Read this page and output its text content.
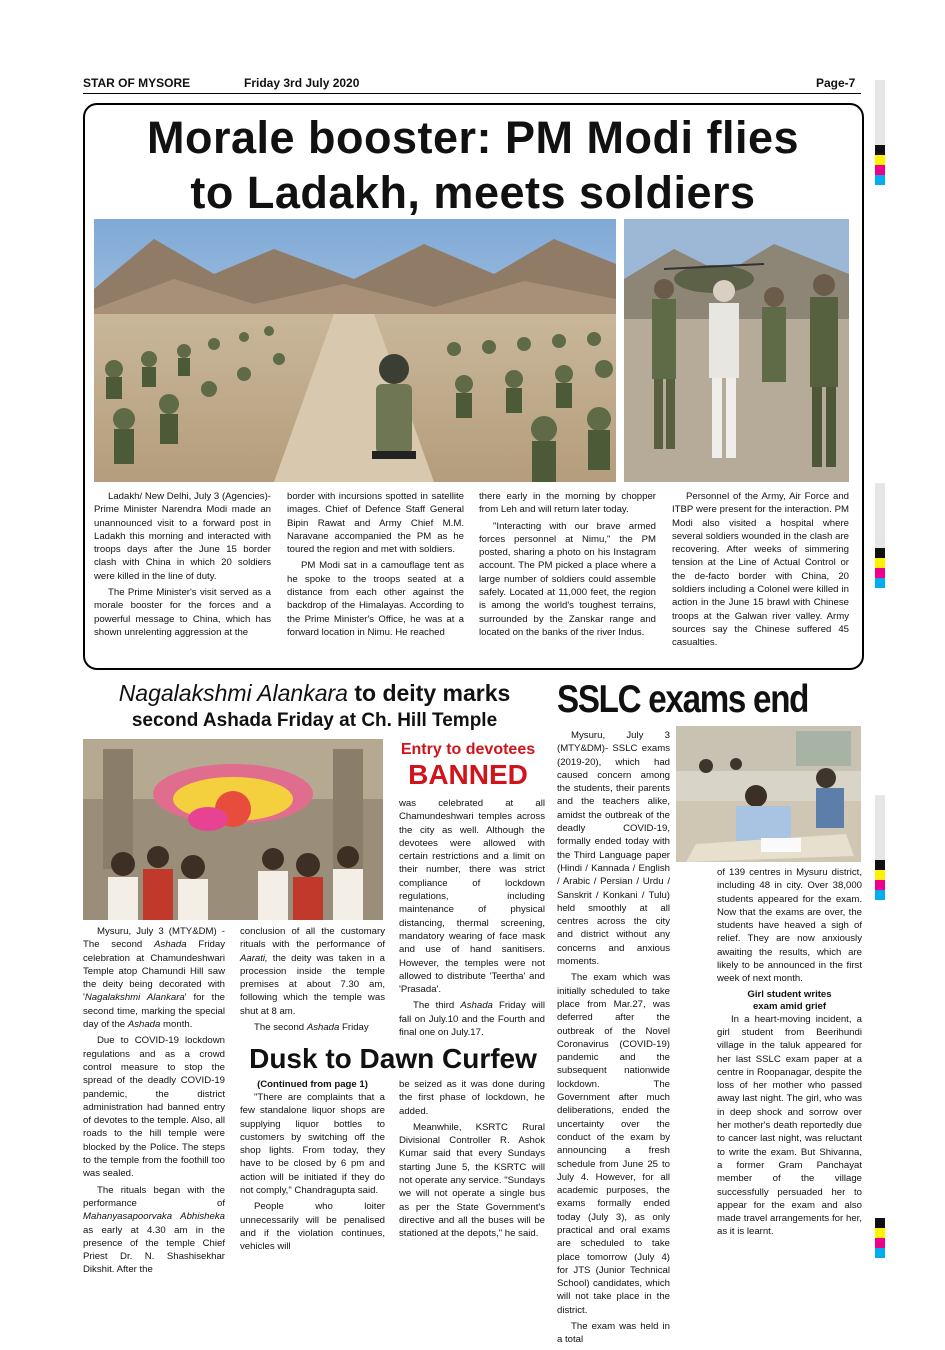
STAR OF MYSORE	Friday 3rd July 2020	Page-7
Morale booster: PM Modi flies
to Ladakh, meets soldiers

Ladakh/ New Delhi, July 3 (Agencies)- Prime Minister Narendra Modi made an unannounced visit to a forward post in Ladakh this morning and interacted with troops days after the June 15 border clash with China in which 20 soldiers were killed in the line of duty.

The Prime Minister's visit served as a morale booster for the forces and a powerful message to China, which has shown unrelenting aggression at the

border with incursions spotted in satellite images. Chief of Defence Staff General Bipin Rawat and Army Chief M.M. Naravane accompanied the PM as he toured the region and met with soldiers.

PM Modi sat in a camouflage tent as he spoke to the troops seated at a distance from each other against the backdrop of the Himalayas. According to the Prime Minister's Office, he was at a forward location in Nimu. He reached

there early in the morning by chopper from Leh and will return later today.

"Interacting with our brave armed forces personnel at Nimu," the PM posted, sharing a photo on his Instagram account. The PM picked a place where a large number of soldiers could assemble safely. Located at 11,000 feet, the region is among the world's toughest terrains, surrounded by the Zanskar range and located on the banks of the river Indus.

Personnel of the Army, Air Force and ITBP were present for the interaction. PM Modi also visited a hospital where several soldiers wounded in the clash are recovering. After weeks of simmering tension at the Line of Actual Control or the de-facto border with China, 20 soldiers including a Colonel were killed in action in the June 15 brawl with Chinese troops at the Galwan river valley. Army sources say the Chinese suffered 45 casualties.

Nagalakshmi Alankara to deity marks
second Ashada Friday at Ch. Hill Temple
Entry to devotees
BANNED

Mysuru, July 3 (MTY&DM) - The second Ashada Friday celebration at Chamundeshwari Temple atop Chamundi Hill saw the deity being decorated with 'Nagalakshmi Alankara' for the second time, marking the special day of the Ashada month.

Due to COVID-19 lockdown regulations and as a crowd control measure to stop the spread of the deadly COVID-19 pandemic, the district administration had banned entry of devotes to the temple. Also, all roads to the hill temple were blocked by the Police. The steps to the temple from the foothill too was sealed.

The rituals began with the performance of Mahanyasapoorvaka Abhisheka as early at 4.30 am in the presence of the temple Chief Priest Dr. N. Shashisekhar Dikshit. After the

conclusion of all the customary rituals with the performance of Aarati, the deity was taken in a procession inside the temple premises at about 7.30 am, following which the temple was shut at 8 am.

The second Ashada Friday

was celebrated at all Chamundeshwari temples across the city as well. Although the devotees were allowed with certain restrictions and a limit on their number, there was strict compliance of lockdown regulations, including maintenance of physical distancing, thermal screening, mandatory wearing of face mask and use of hand sanitisers. However, the temples were not allowed to distribute 'Teertha' and 'Prasada'.

The third Ashada Friday will fall on July.10 and the Fourth and final one on July.17.

Dusk to Dawn Curfew
(Continued from page 1)

"There are complaints that a few standalone liquor shops are supplying liquor bottles to customers by switching off the shop lights. From today, they have to be closed by 6 pm and action will be initiated if they do not comply," Chandragupta said.

People who loiter unnecessarily will be penalised and if the violation continues, vehicles will

be seized as it was done during the first phase of lockdown, he added.

Meanwhile, KSRTC Rural Divisional Controller R. Ashok Kumar said that every Sundays starting June 5, the KSRTC will not operate any service. "Sundays we will not operate a single bus as per the State Government's directive and all the buses will be stationed at the depots," he said.

SSLC exams end

Mysuru, July 3 (MTY&DM)- SSLC exams (2019-20), which had caused concern among the students, their parents and the teachers alike, amidst the outbreak of the deadly COVID-19, formally ended today with the Third Language paper (Hindi / Kannada / English / Arabic / Persian / Urdu / Sanskrit / Konkani / Tulu) held smoothly at all centres across the city and district without any concerns and anxious moments.

The exam which was initially scheduled to take place from Mar.27, was deferred after the outbreak of the Novel Coronavirus (COVID-19) pandemic and the subsequent nationwide lockdown. The Government after much deliberations, ended the uncertainty over the conduct of the exam by announcing a fresh schedule from June 25 to July 4. However, for all academic purposes, the exams formally ended today (July 3), as only practical and oral exams are scheduled to take place tomorrow (July 4) for JTS (Junior Technical School) candidates, which will not take place in the district.

The exam was held in a total

of 139 centres in Mysuru district, including 48 in city. Over 38,000 students appeared for the exam. Now that the exams are over, the students have heaved a sigh of relief. They are now anxiously awaiting the results, which are likely to be announced in the first week of next month.

Girl student writes
exam amid grief

In a heart-moving incident, a girl student from Beerihundi village in the taluk appeared for her last SSLC exam paper at a centre in Roopanagar, despite the loss of her mother who passed away last night. The girl, who was in deep shock and sorrow over her mother's death reportedly due to cancer last night, was reluctant to write the exam. But Shivanna, a former Gram Panchayat member of the village successfully persuaded her to appear for the exam and also made travel arrangements for her, as it is learnt.
